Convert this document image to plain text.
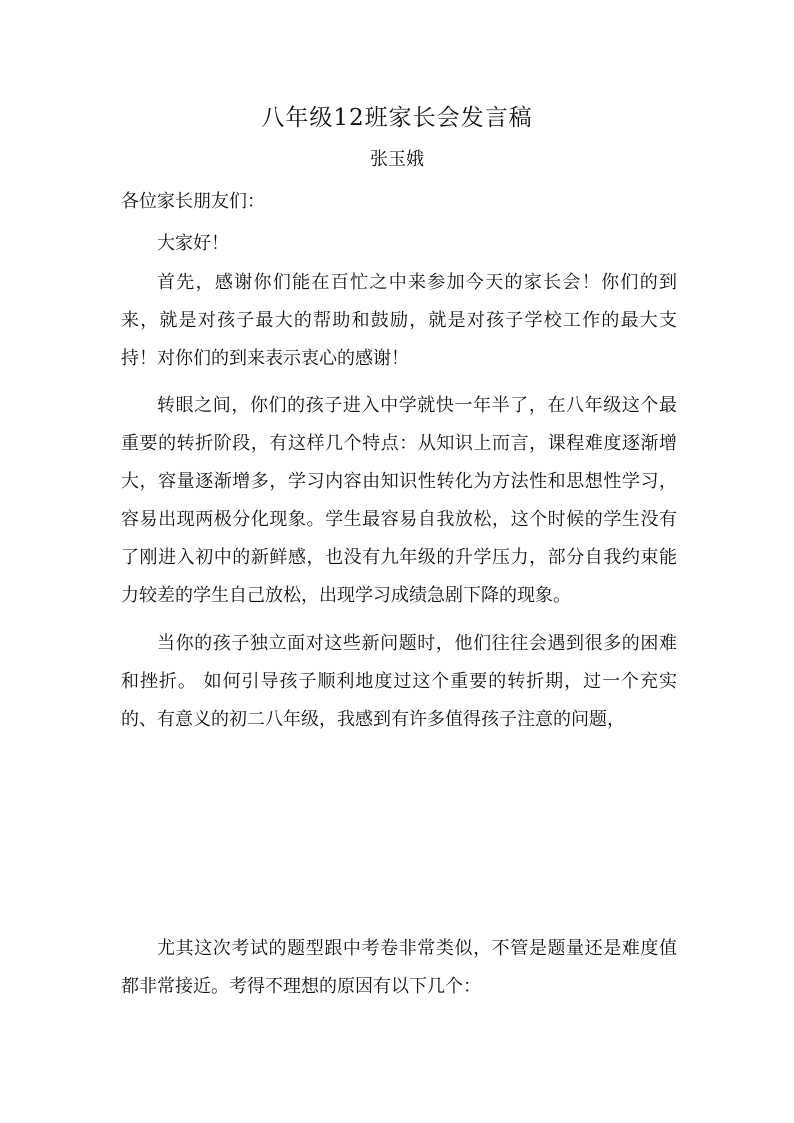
八年级12班家长会发言稿
张玉娥
各位家长朋友们：

大家好！

首先，感谢你们能在百忙之中来参加今天的家长会！你们的到来，就是对孩子最大的帮助和鼓励，就是对孩子学校工作的最大支持！对你们的到来表示衷心的感谢！

转眼之间，你们的孩子进入中学就快一年半了，在八年级这个最重要的转折阶段，有这样几个特点：从知识上而言，课程难度逐渐增大，容量逐渐增多，学习内容由知识性转化为方法性和思想性学习，容易出现两极分化现象。学生最容易自我放松，这个时候的学生没有了刚进入初中的新鲜感，也没有九年级的升学压力，部分自我约束能力较差的学生自己放松，出现学习成绩急剧下降的现象。

当你的孩子独立面对这些新问题时，他们往往会遇到很多的困难和挫折。 如何引导孩子顺利地度过这个重要的转折期，过一个充实的、有意义的初二八年级，我感到有许多值得孩子注意的问题，

尤其这次考试的题型跟中考卷非常类似，不管是题量还是难度值都非常接近。考得不理想的原因有以下几个：
